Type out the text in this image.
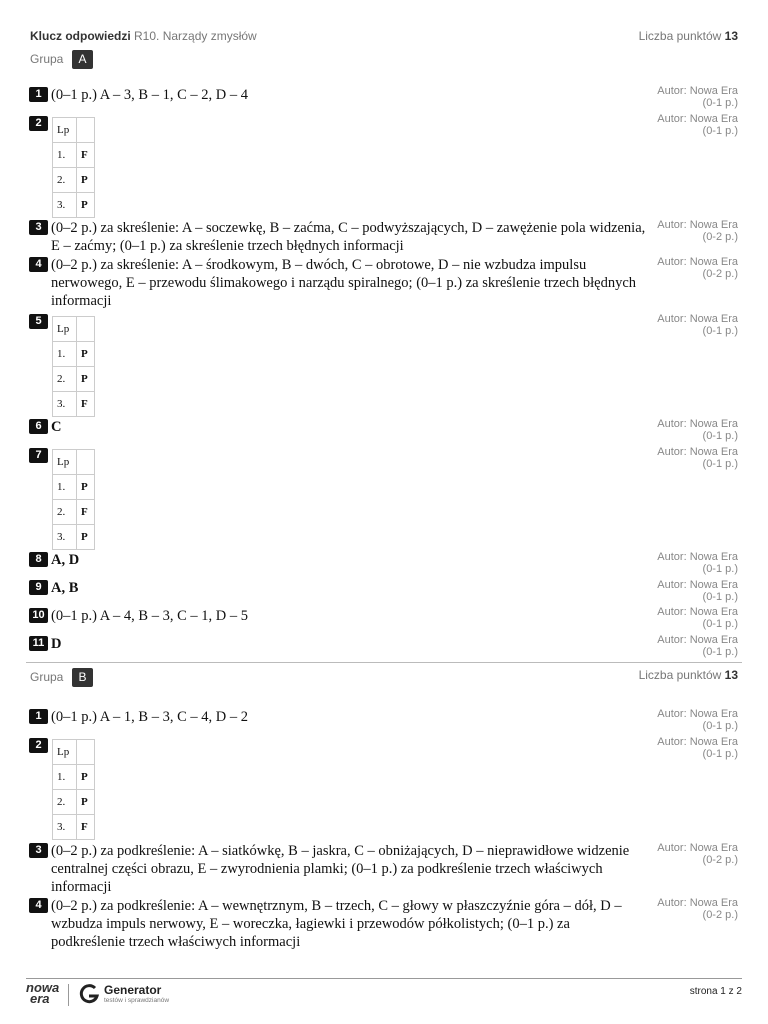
Klucz odpowiedzi R10. Narządy zmysłów	Liczba punktów 13
Grupa	A
1 (0–1 p.) A – 3, B – 1, C – 2, D – 4	Autor: Nowa Era
(0-1 p.)
2
Lp	
1.	F
2.	P
3.	P
Autor: Nowa Era
(0-1 p.)
3 (0–2 p.) za skreślenie: A – soczewkę, B – zaćma, C – podwyższających, D – zawężenie pola widzenia, E – zaćmy; (0–1 p.) za skreślenie trzech błędnych informacji
Autor: Nowa Era
(0-2 p.)
4 (0–2 p.) za skreślenie: A – środkowym, B – dwóch, C – obrotowe, D – nie wzbudza impulsu nerwowego, E – przewodu ślimakowego i narządu spiralnego; (0–1 p.) za skreślenie trzech błędnych informacji
Autor: Nowa Era
(0-2 p.)
5
Lp	
1.	P
2.	P
3.	F
Autor: Nowa Era
(0-1 p.)
6 C	Autor: Nowa Era
(0-1 p.)
7
Lp	
1.	P
2.	F
3.	P
Autor: Nowa Era
(0-1 p.)
8 A, D	Autor: Nowa Era
(0-1 p.)
9 A, B	Autor: Nowa Era
(0-1 p.)
10 (0–1 p.) A – 4, B – 3, C – 1, D – 5	Autor: Nowa Era
(0-1 p.)
11 D	Autor: Nowa Era
(0-1 p.)
Grupa	B	Liczba punktów 13
1 (0–1 p.) A – 1, B – 3, C – 4, D – 2	Autor: Nowa Era
(0-1 p.)
2
Lp	
1.	P
2.	P
3.	F
Autor: Nowa Era
(0-1 p.)
3 (0–2 p.) za podkreślenie: A – siatkówkę, B – jaskra, C – obniżających, D – nieprawidłowe widzenie centralnej części obrazu, E – zwyrodnienia plamki; (0–1 p.) za podkreślenie trzech właściwych informacji
Autor: Nowa Era
(0-2 p.)
4 (0–2 p.) za podkreślenie: A – wewnętrznym, B – trzech, C – głowy w płaszczyźnie góra – dół, D – wzbudza impuls nerwowy, E – woreczka, łagiewki i przewodów półkolistych; (0–1 p.) za podkreślenie trzech właściwych informacji
Autor: Nowa Era
(0-2 p.)
nowa
era
Generator
testów i sprawdzianów
strona 1 z 2
